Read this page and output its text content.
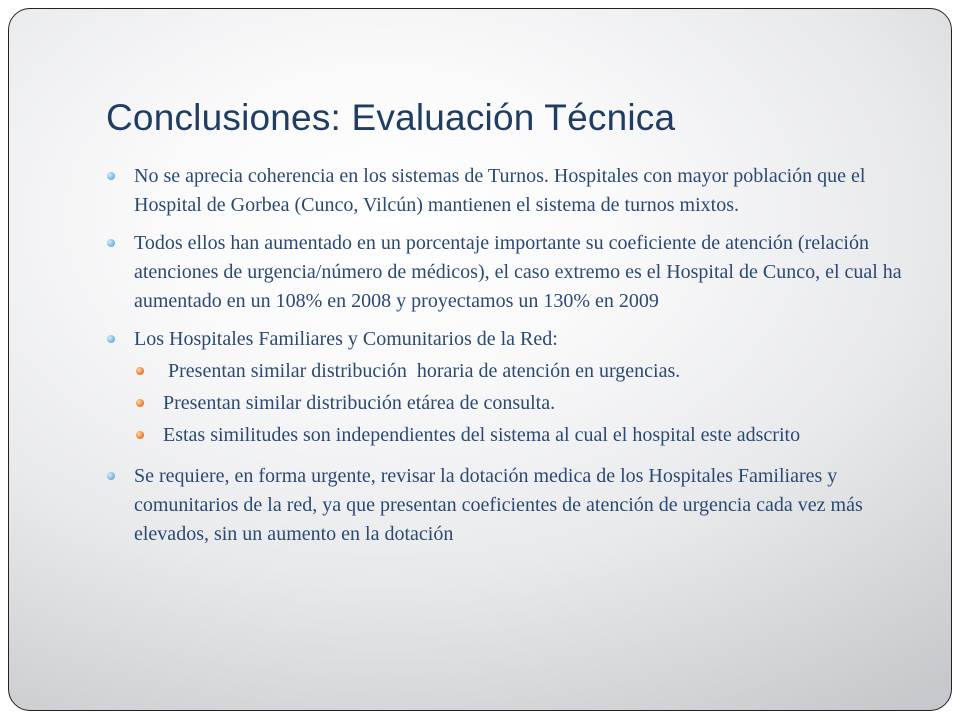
Conclusiones: Evaluación Técnica
No se aprecia coherencia en los sistemas de Turnos. Hospitales con mayor población que el Hospital de Gorbea (Cunco, Vilcún) mantienen el sistema de turnos mixtos.
Todos ellos han aumentado en un porcentaje importante su coeficiente de atención (relación atenciones de urgencia/número de médicos), el caso extremo es el Hospital de Cunco, el cual ha aumentado en un 108% en 2008 y proyectamos un 130% en 2009
Los Hospitales Familiares y Comunitarios de la Red:
Presentan similar distribución  horaria de atención en urgencias.
Presentan similar distribución etárea de consulta.
Estas similitudes son independientes del sistema al cual el hospital este adscrito
Se requiere, en forma urgente, revisar la dotación medica de los Hospitales Familiares y comunitarios de la red, ya que presentan coeficientes de atención de urgencia cada vez más elevados, sin un aumento en la dotación
